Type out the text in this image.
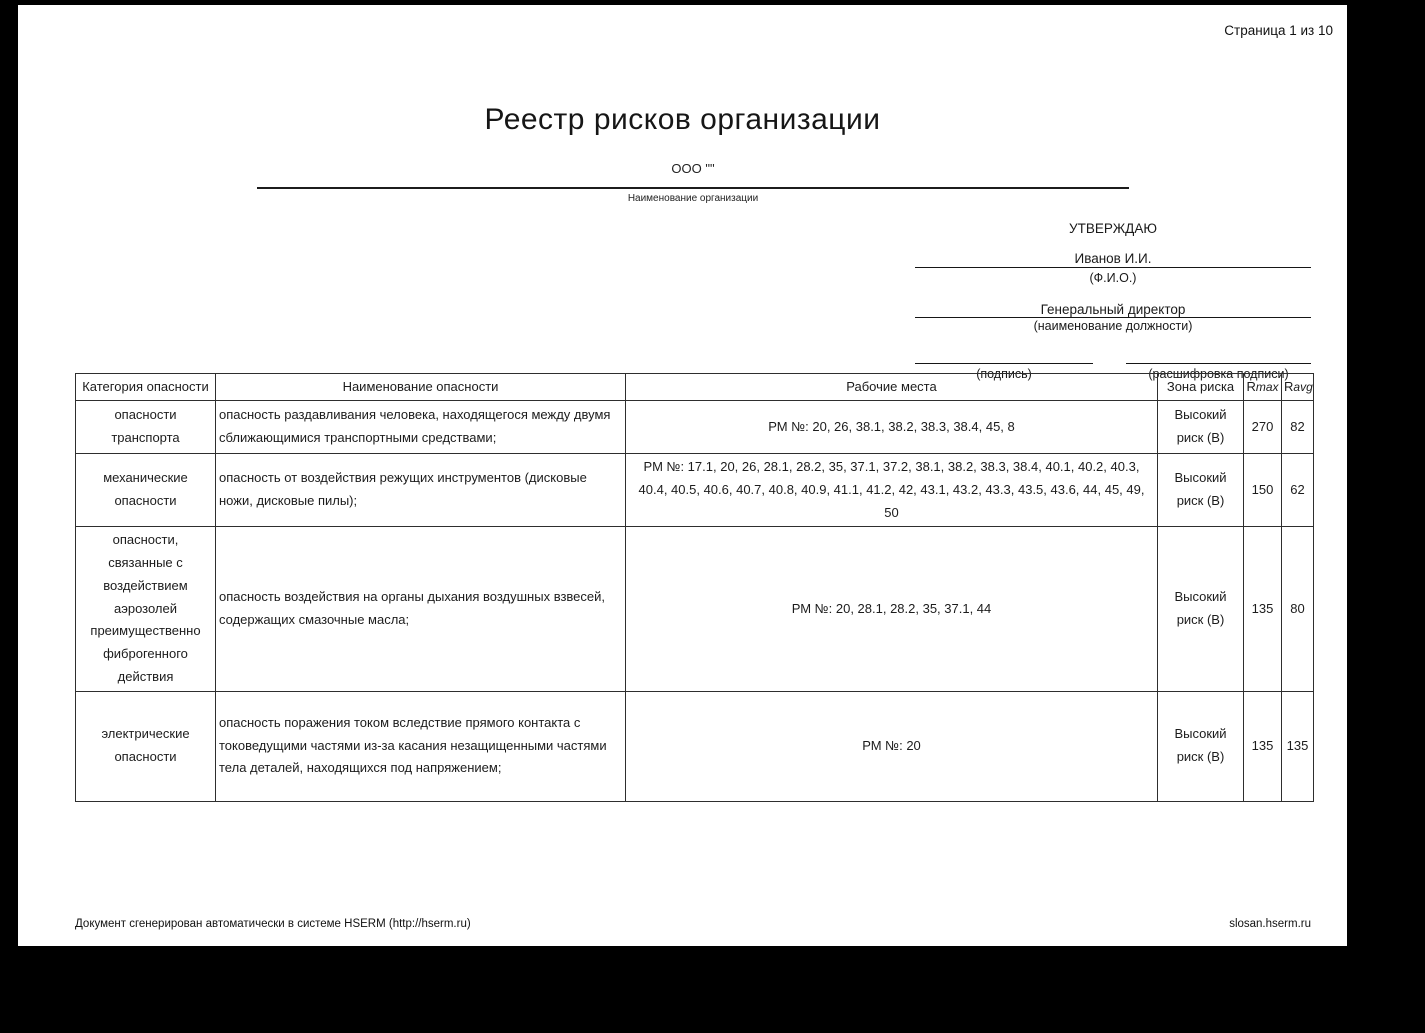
Страница 1 из 10
Реестр рисков организации
ООО ""
Наименование организации
УТВЕРЖДАЮ
Иванов И.И.
(Ф.И.О.)
Генеральный директор
(наименование должности)
(подпись)	(расшифровка подписи)
Категория опасности	Наименование опасности	Рабочие места	Зона риска	Rmax	Ravg
опасности транспорта	опасность раздавливания человека, находящегося между двумя сближающимися транспортными средствами;	РМ №: 20, 26, 38.1, 38.2, 38.3, 38.4, 45, 8	Высокий риск (В)	270	82
механические опасности	опасность от воздействия режущих инструментов (дисковые ножи, дисковые пилы);	РМ №: 17.1, 20, 26, 28.1, 28.2, 35, 37.1, 37.2, 38.1, 38.2, 38.3, 38.4, 40.1, 40.2, 40.3, 40.4, 40.5, 40.6, 40.7, 40.8, 40.9, 41.1, 41.2, 42, 43.1, 43.2, 43.3, 43.5, 43.6, 44, 45, 49, 50	Высокий риск (В)	150	62
опасности, связанные с воздействием аэрозолей преимущественно фиброгенного действия	опасность воздействия на органы дыхания воздушных взвесей, содержащих смазочные масла;	РМ №: 20, 28.1, 28.2, 35, 37.1, 44	Высокий риск (В)	135	80
электрические опасности	опасность поражения током вследствие прямого контакта с токоведущими частями из-за касания незащищенными частями тела деталей, находящихся под напряжением;	РМ №: 20	Высокий риск (В)	135	135
Документ сгенерирован автоматически в системе HSERM (http://hserm.ru)	slosan.hserm.ru
